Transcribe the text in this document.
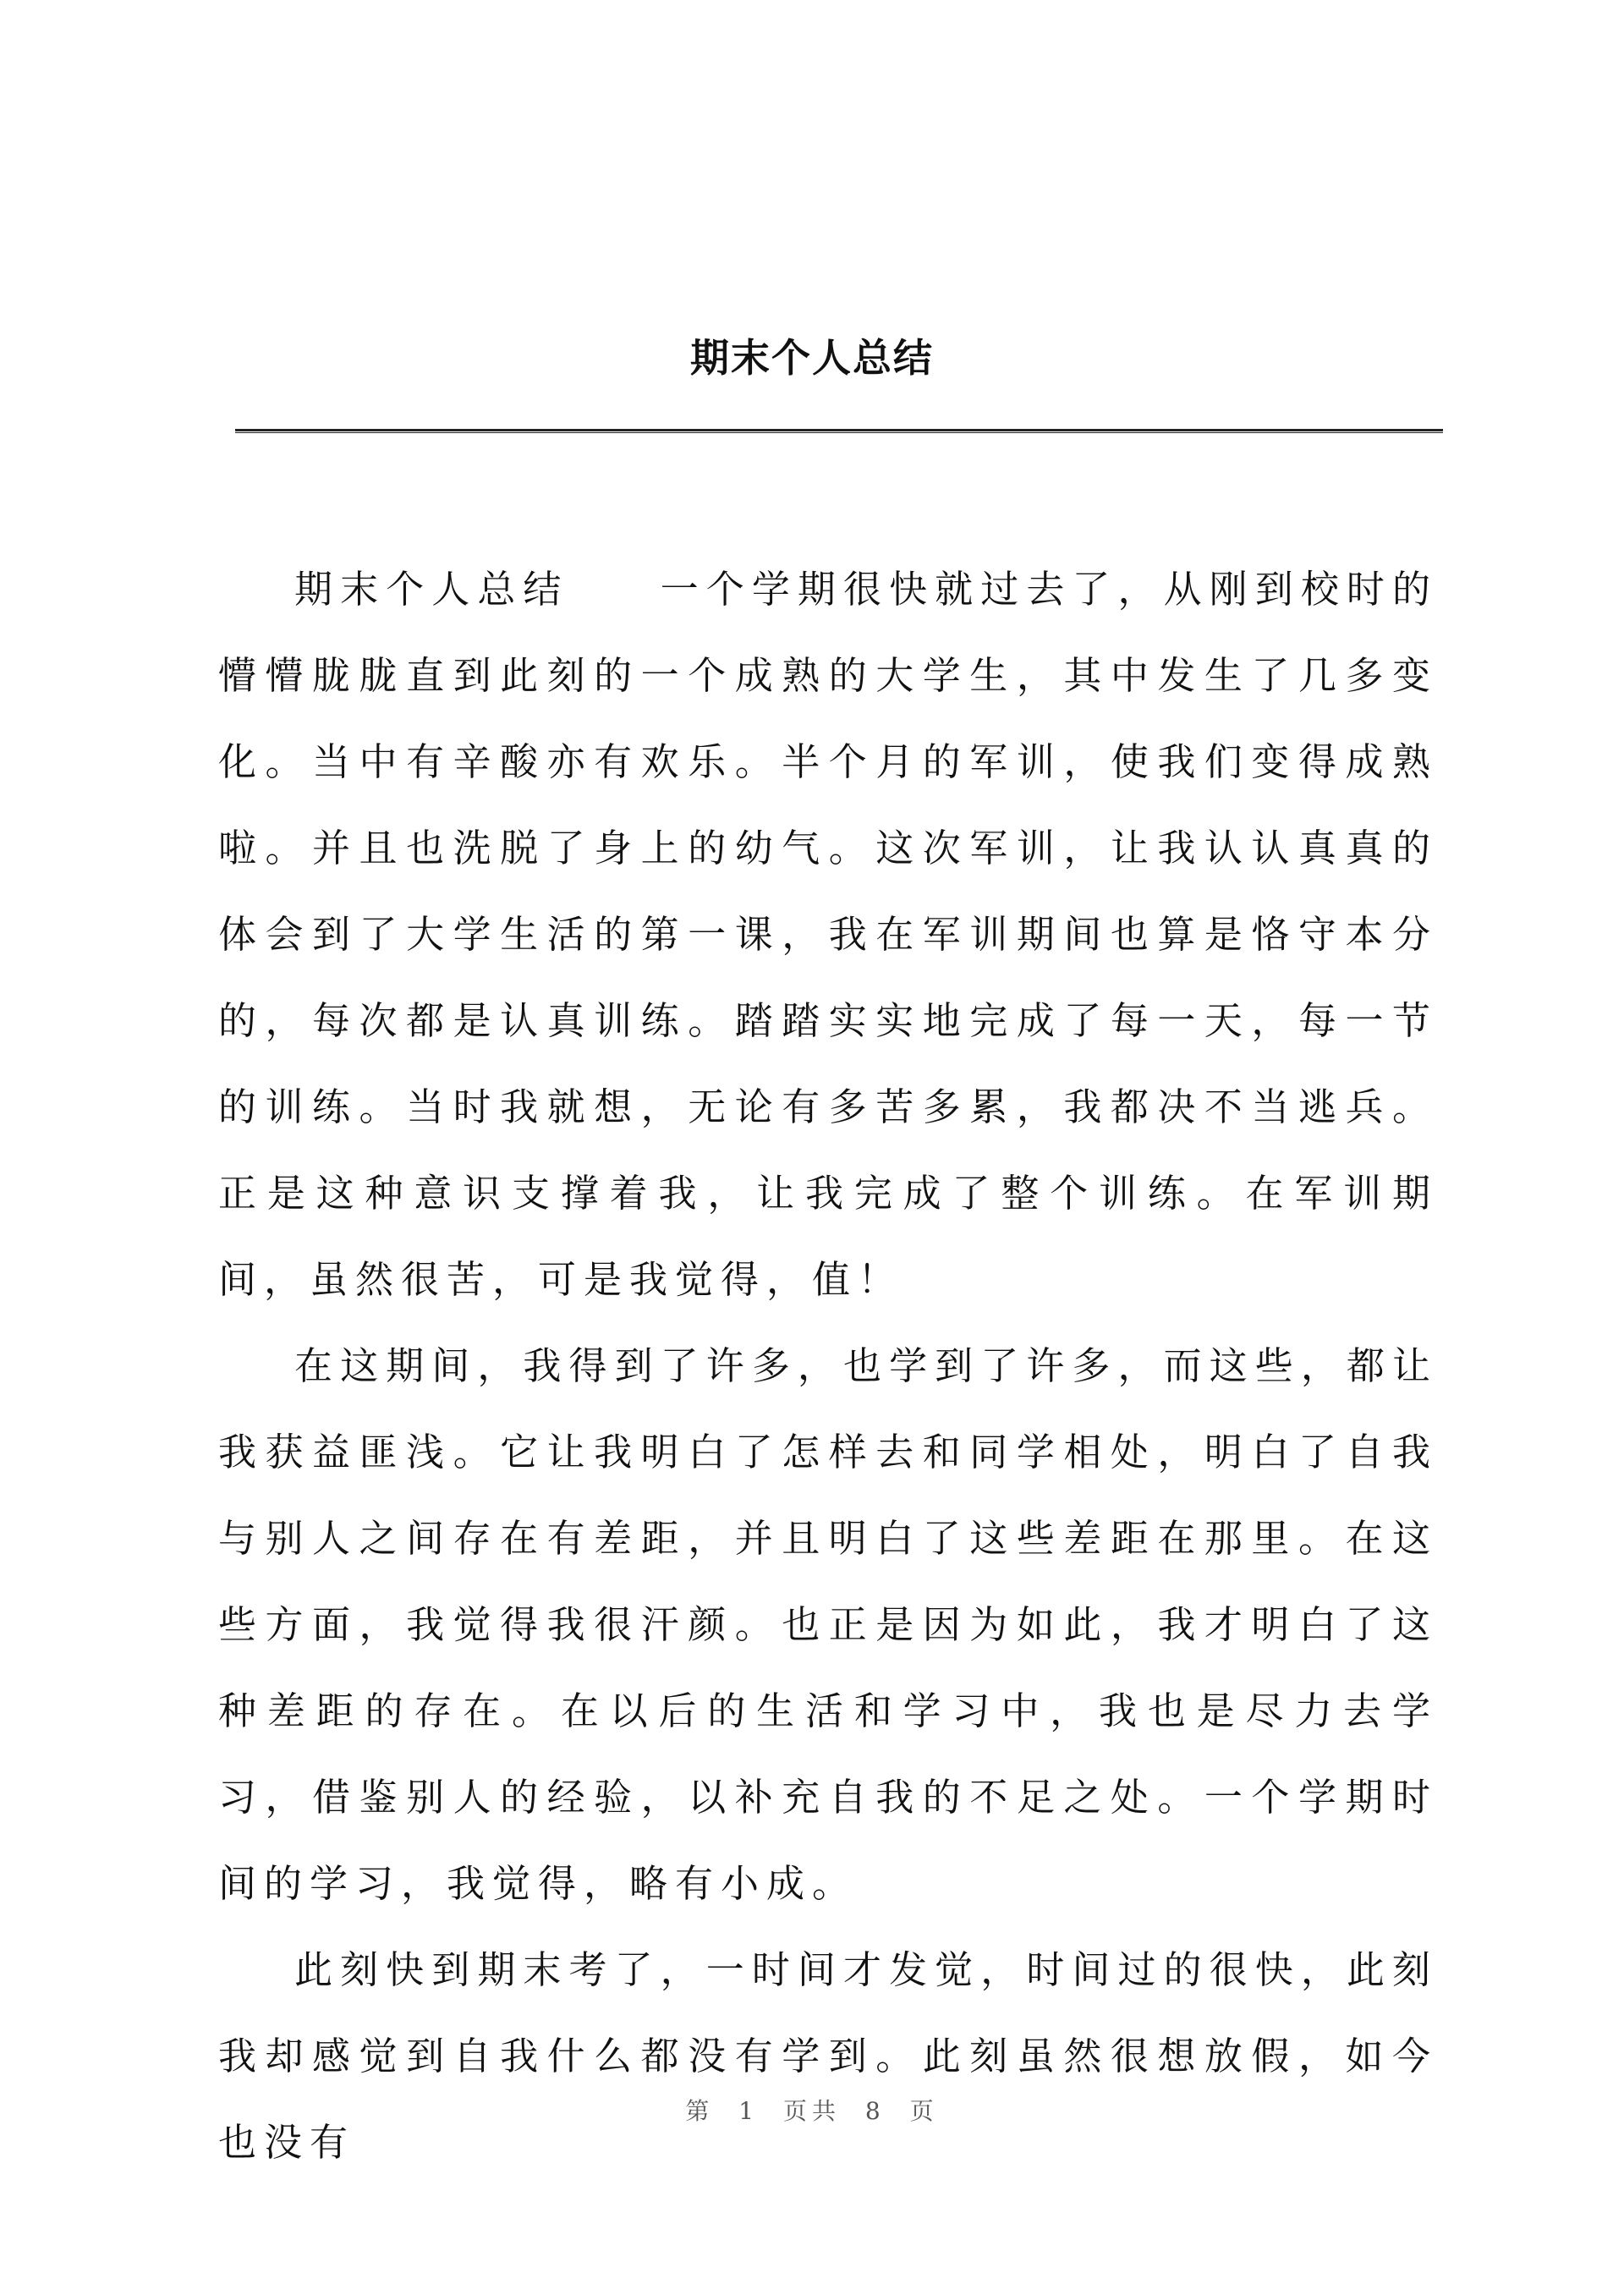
期末个人总结

期末个人总结　　一个学期很快就过去了，从刚到校时的懵懵胧胧直到此刻的一个成熟的大学生，其中发生了几多变化。当中有辛酸亦有欢乐。半个月的军训，使我们变得成熟啦。并且也洗脱了身上的幼气。这次军训，让我认认真真的体会到了大学生活的第一课，我在军训期间也算是恪守本分的，每次都是认真训练。踏踏实实地完成了每一天，每一节的训练。当时我就想，无论有多苦多累，我都决不当逃兵。正是这种意识支撑着我，让我完成了整个训练。在军训期间，虽然很苦，可是我觉得，值！

在这期间，我得到了许多，也学到了许多，而这些，都让我获益匪浅。它让我明白了怎样去和同学相处，明白了自我与别人之间存在有差距，并且明白了这些差距在那里。在这些方面，我觉得我很汗颜。也正是因为如此，我才明白了这种差距的存在。在以后的生活和学习中，我也是尽力去学习，借鉴别人的经验，以补充自我的不足之处。一个学期时间的学习，我觉得，略有小成。

此刻快到期末考了，一时间才发觉，时间过的很快，此刻我却感觉到自我什么都没有学到。此刻虽然很想放假，如今也没有

第 1 页共 8 页
